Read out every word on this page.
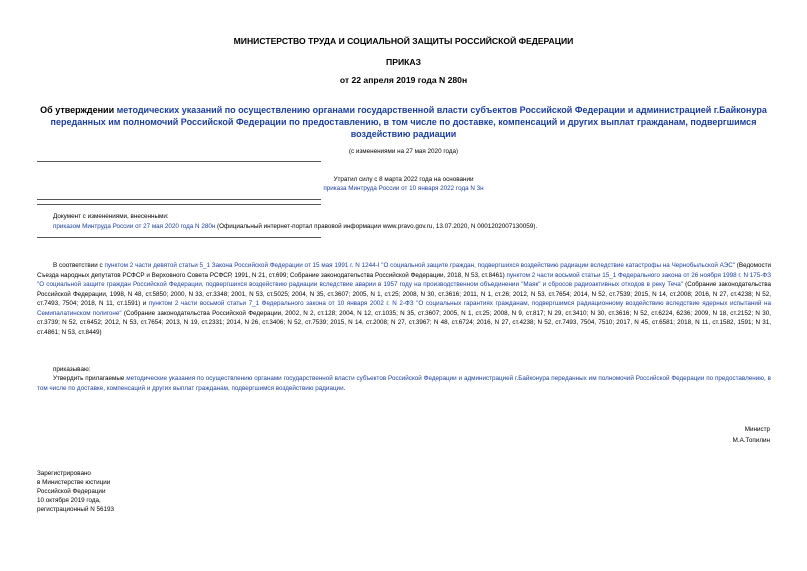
МИНИСТЕРСТВО ТРУДА И СОЦИАЛЬНОЙ ЗАЩИТЫ РОССИЙСКОЙ ФЕДЕРАЦИИ
ПРИКАЗ
от 22 апреля 2019 года N 280н
Об утверждении методических указаний по осуществлению органами государственной власти субъектов Российской Федерации и администрацией г.Байконура переданных им полномочий Российской Федерации по предоставлению, в том числе по доставке, компенсаций и других выплат гражданам, подвергшимся воздействию радиации
(с изменениями на 27 мая 2020 года)
Утратил силу с 8 марта 2022 года на основании
приказа Минтруда России от 10 января 2022 года N 3н
Документ с изменениями, внесенными:
приказом Минтруда России от 27 мая 2020 года N 280н (Официальный интернет-портал правовой информации www.pravo.gov.ru, 13.07.2020, N 0001202007130059).
В соответствии с пунктом 2 части девятой статьи 5_1 Закона Российской Федерации от 15 мая 1991 г. N 1244-I "О социальной защите граждан, подвергшихся воздействию радиации вследствие катастрофы на Чернобыльской АЭС" (Ведомости Съезда народных депутатов РСФСР и Верховного Совета РСФСР, 1991, N 21, ст.699; Собрание законодательства Российской Федерации, 2018, N 53, ст.8461) пунктом 2 части восьмой статьи 15_1 Федерального закона от 26 ноября 1998 г. N 175-ФЗ "О социальной защите граждан Российской Федерации, подвергшихся воздействию радиации вследствие аварии в 1957 году на производственном объединении "Маяк" и сбросов радиоактивных отходов в реку Теча" (Собрание законодательства Российской Федерации, 1998, N 48, ст.5850; 2000, N 33, ст.3348; 2001, N 53, ст.5025; 2004, N 35, ст.3607; 2005, N 1, ст.25; 2008, N 30, ст.3616; 2011, N 1, ст.26; 2012, N 53, ст.7654; 2014, N 52, ст.7539; 2015, N 14, ст.2008; 2016, N 27, ст.4238; N 52, ст.7493, 7504; 2018, N 11, ст.1591) и пунктом 2 части восьмой статьи 7_1 Федерального закона от 10 января 2002 г. N 2-ФЗ "О социальных гарантиях гражданам, подвергшимся радиационному воздействию вследствие ядерных испытаний на Семипалатинском полигоне" (Собрание законодательства Российской Федерации, 2002, N 2, ст.128; 2004, N 12, ст.1035; N 35, ст.3607; 2005, N 1, ст.25; 2008, N 9, ст.817; N 29, ст.3410; N 30, ст.3616; N 52, ст.6224, 6236; 2009, N 18, ст.2152; N 30, ст.3739; N 52, ст.6452; 2012, N 53, ст.7654; 2013, N 19, ст.2331; 2014, N 26, ст.3406; N 52, ст.7539; 2015, N 14, ст.2008; N 27, ст.3967; N 48, ст.6724; 2016, N 27, ст.4238; N 52, ст.7493, 7504, 7510; 2017, N 45, ст.6581; 2018, N 11, ст.1582, 1591; N 31, ст.4861; N 53, ст.8449)
приказываю:
Утвердить прилагаемые методические указания по осуществлению органами государственной власти субъектов Российской Федерации и администрацией г.Байконура переданных им полномочий Российской Федерации по предоставлению, в том числе по доставке, компенсаций и других выплат гражданам, подвергшимся воздействию радиации.
Министр
М.А.Топилин
Зарегистрировано
в Министерстве юстиции
Российской Федерации
10 октября 2019 года,
регистрационный N 56193
